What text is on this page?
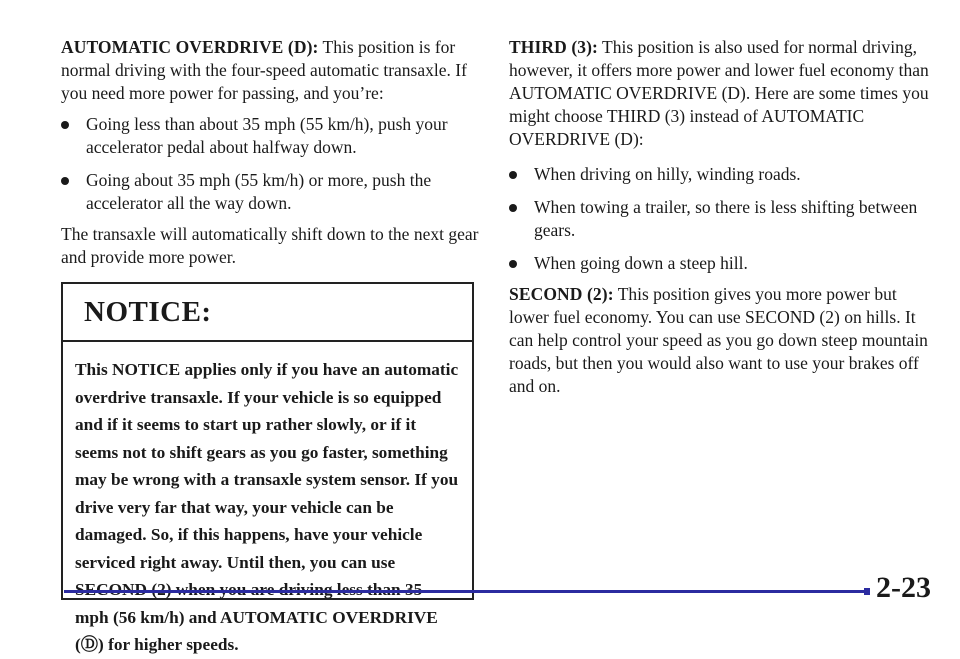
AUTOMATIC OVERDRIVE (D): This position is for normal driving with the four-speed automatic transaxle. If you need more power for passing, and you’re:

Going less than about 35 mph (55 km/h), push your accelerator pedal about halfway down.
Going about 35 mph (55 km/h) or more, push the accelerator all the way down.

The transaxle will automatically shift down to the next gear and provide more power.

NOTICE:
This NOTICE applies only if you have an automatic overdrive transaxle. If your vehicle is so equipped and if it seems to start up rather slowly, or if it seems not to shift gears as you go faster, something may be wrong with a transaxle system sensor. If you drive very far that way, your vehicle can be damaged. So, if this happens, have your vehicle serviced right away. Until then, you can use mph (56 km/h) and AUTOMATIC OVERDRIVE (Ⓓ) for higher speeds.

THIRD (3): This position is also used for normal driving, however, it offers more power and lower fuel economy than AUTOMATIC OVERDRIVE (D). Here are some times you might choose THIRD (3) instead of AUTOMATIC OVERDRIVE (D):

When driving on hilly, winding roads.
When towing a trailer, so there is less shifting between gears.
When going down a steep hill.

SECOND (2): This position gives you more power but lower fuel economy. You can use SECOND (2) on hills. It can help control your speed as you go down steep mountain roads, but then you would also want to use your brakes off and on.

2-23
